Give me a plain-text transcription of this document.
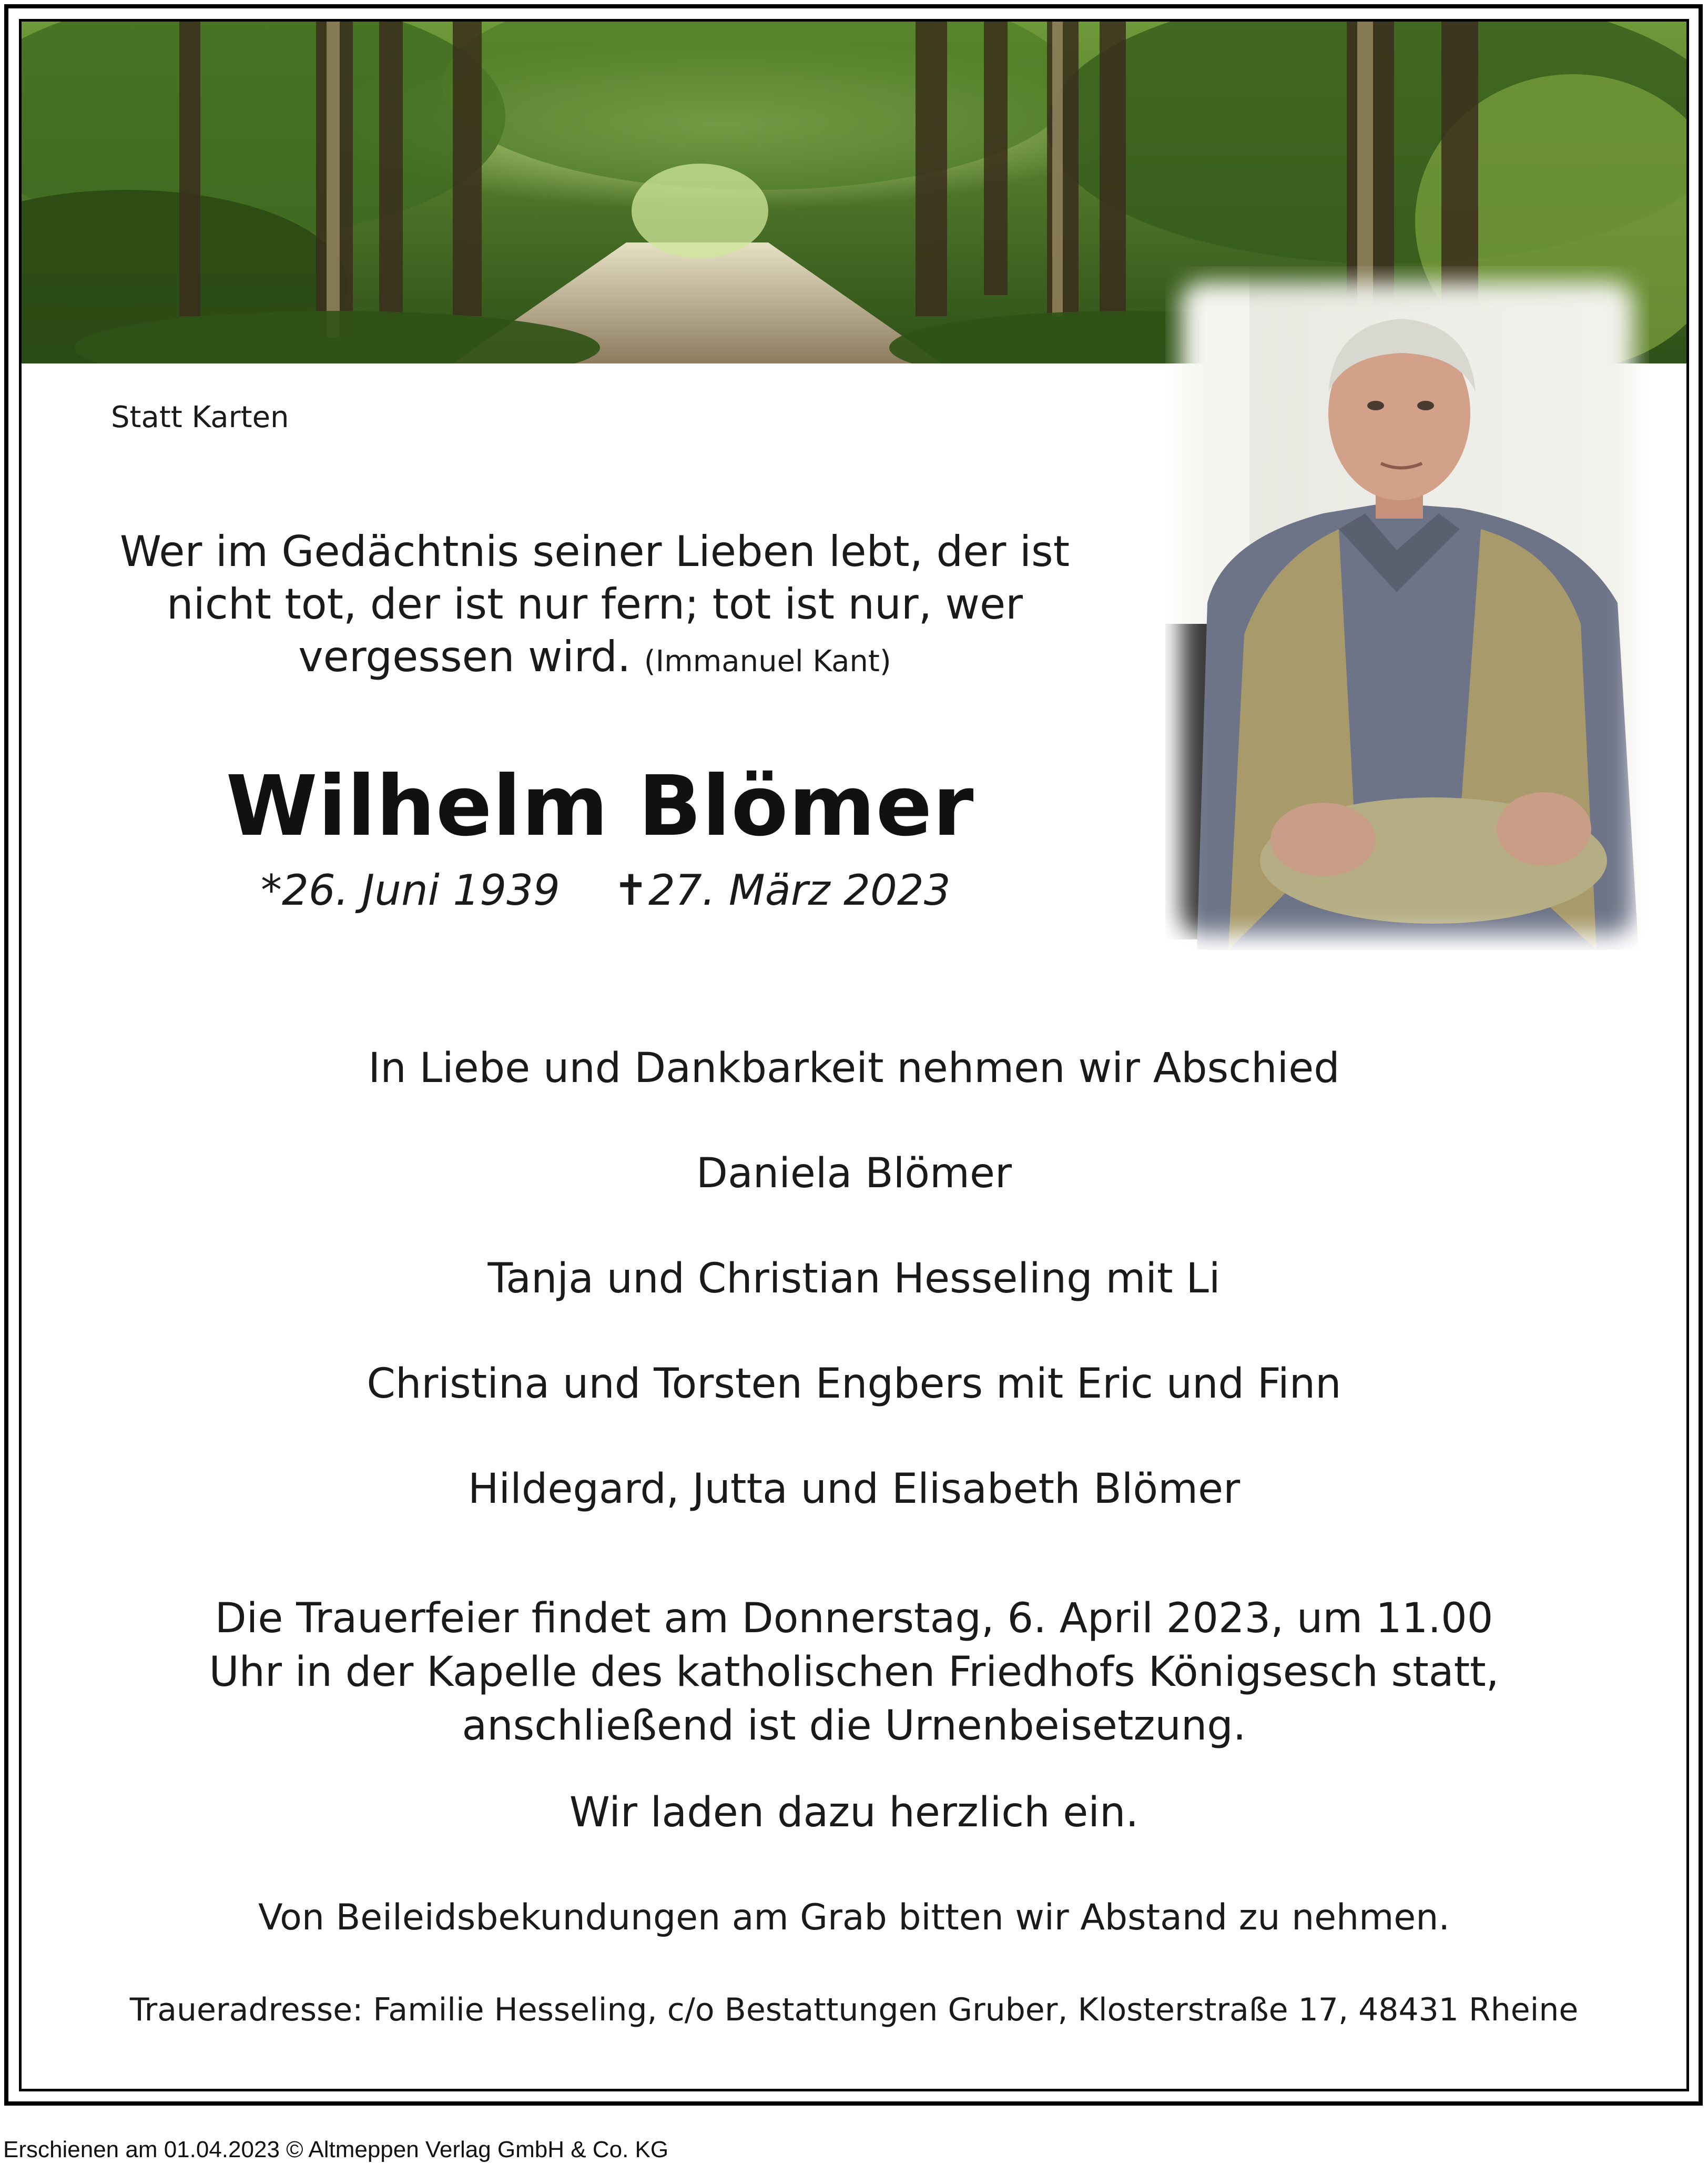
Statt Karten

Wer im Gedächtnis seiner Lieben lebt, der ist nicht tot, der ist nur fern; tot ist nur, wer vergessen wird. (Immanuel Kant)

Wilhelm Blömer

*26. Juni 1939 ✝27. März 2023

In Liebe und Dankbarkeit nehmen wir Abschied

Daniela Blömer

Tanja und Christian Hesseling mit Li

Christina und Torsten Engbers mit Eric und Finn

Hildegard, Jutta und Elisabeth Blömer

Die Trauerfeier findet am Donnerstag, 6. April 2023, um 11.00 Uhr in der Kapelle des katholischen Friedhofs Königsesch statt, anschließend ist die Urnenbeisetzung.

Wir laden dazu herzlich ein.

Von Beileidsbekundungen am Grab bitten wir Abstand zu nehmen.

Traueradresse: Familie Hesseling, c/o Bestattungen Gruber, Klosterstraße 17, 48431 Rheine

Erschienen am 01.04.2023 © Altmeppen Verlag GmbH & Co. KG
